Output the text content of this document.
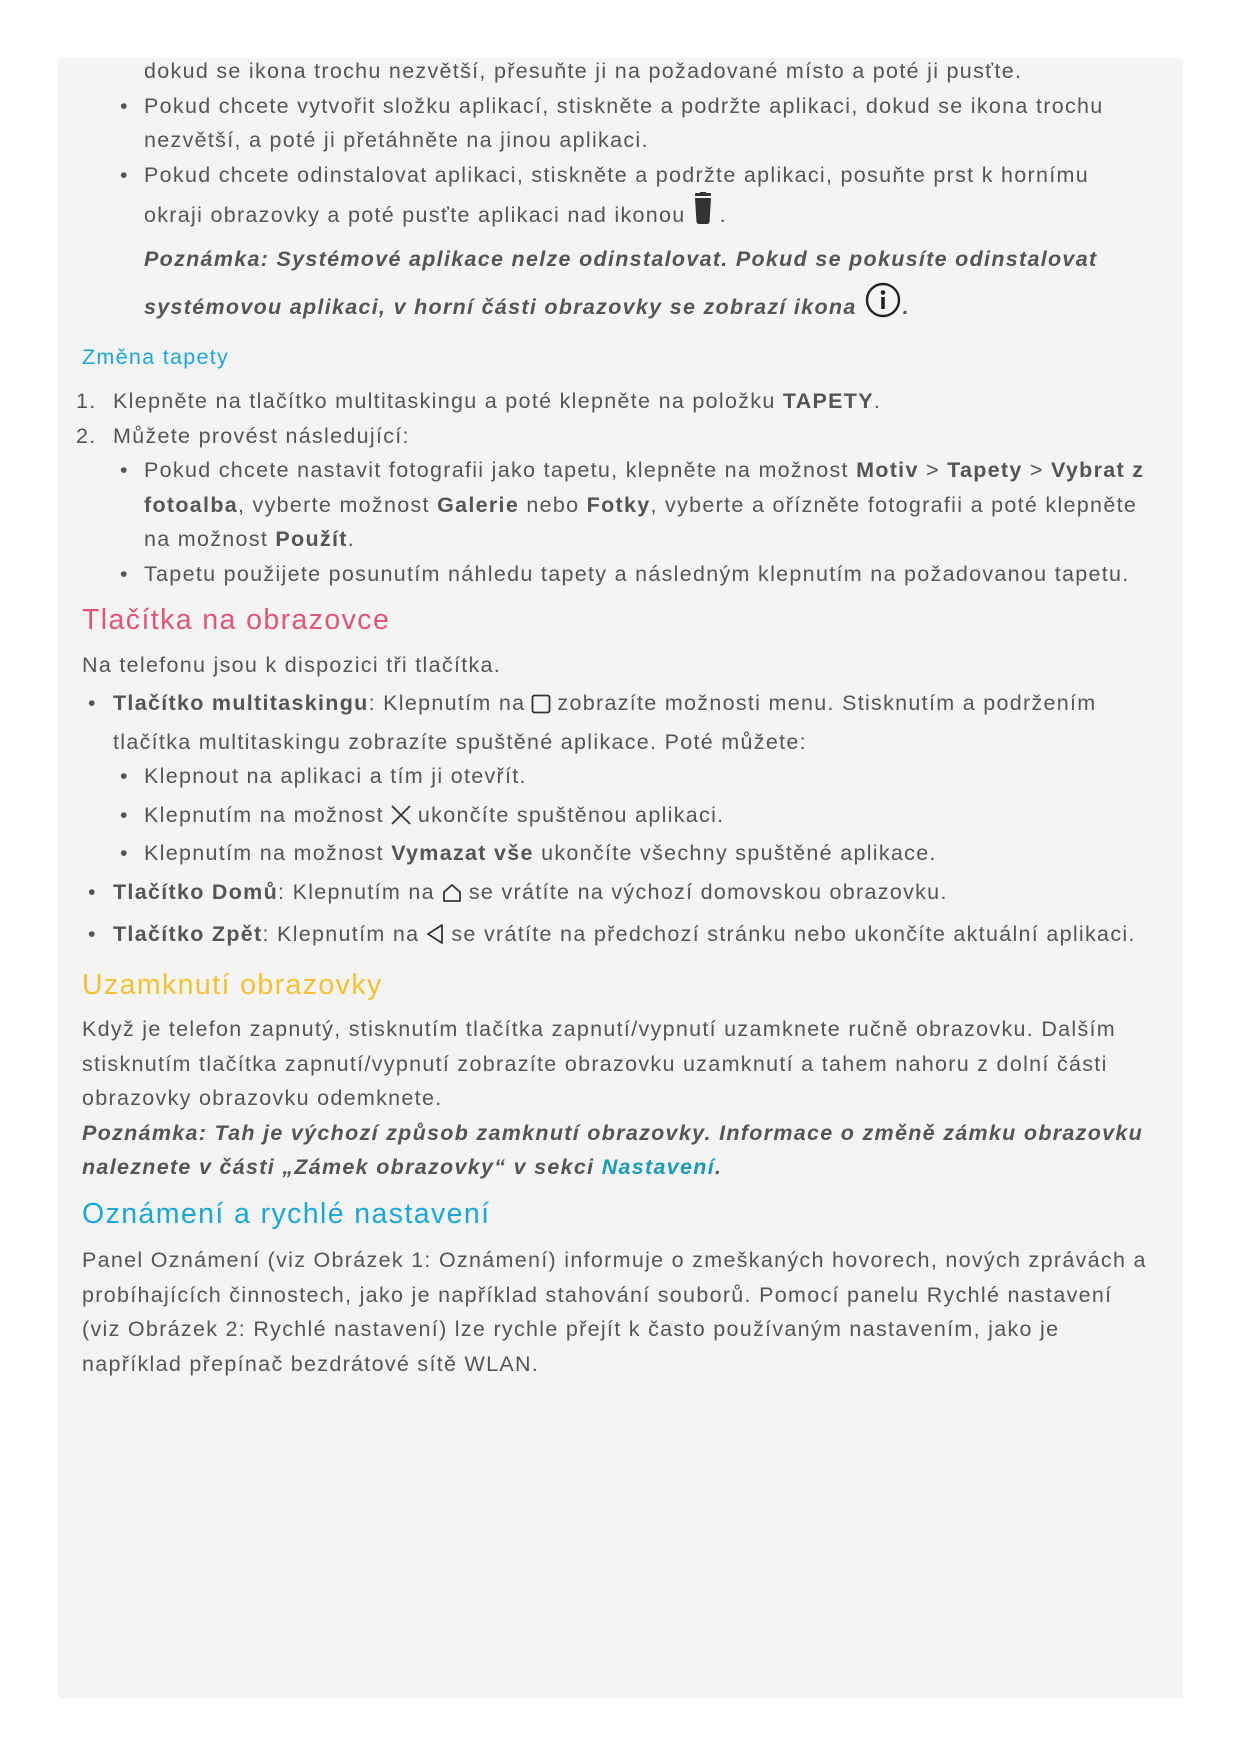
dokud se ikona trochu nezvětší, přesuňte ji na požadované místo a poté ji pusťte.

• Pokud chcete vytvořit složku aplikací, stiskněte a podržte aplikaci, dokud se ikona trochu nezvětší, a poté ji přetáhněte na jinou aplikaci.

• Pokud chcete odinstalovat aplikaci, stiskněte a podržte aplikaci, posuňte prst k hornímu okraji obrazovky a poté pusťte aplikaci nad ikonou .

Poznámka: Systémové aplikace nelze odinstalovat. Pokud se pokusíte odinstalovat systémovou aplikaci, v horní části obrazovky se zobrazí ikona .

Změna tapety

1. Klepněte na tlačítko multitaskingu a poté klepněte na položku TAPETY.
2. Můžete provést následující:

• Pokud chcete nastavit fotografii jako tapetu, klepněte na možnost Motiv > Tapety > Vybrat z fotoalba, vyberte možnost Galerie nebo Fotky, vyberte a ořízněte fotografii a poté klepněte na možnost Použít.

• Tapetu použijete posunutím náhledu tapety a následným klepnutím na požadovanou tapetu.

Tlačítka na obrazovce

Na telefonu jsou k dispozici tři tlačítka.

• Tlačítko multitaskingu: Klepnutím na zobrazíte možnosti menu. Stisknutím a podržením tlačítka multitaskingu zobrazíte spuštěné aplikace. Poté můžete:

• Klepnout na aplikaci a tím ji otevřít.

• Klepnutím na možnost ukončíte spuštěnou aplikaci.

• Klepnutím na možnost Vymazat vše ukončíte všechny spuštěné aplikace.

• Tlačítko Domů: Klepnutím na se vrátíte na výchozí domovskou obrazovku.

• Tlačítko Zpět: Klepnutím na se vrátíte na předchozí stránku nebo ukončíte aktuální aplikaci.

Uzamknutí obrazovky

Když je telefon zapnutý, stisknutím tlačítka zapnutí/vypnutí uzamknete ručně obrazovku. Dalším stisknutím tlačítka zapnutí/vypnutí zobrazíte obrazovku uzamknutí a tahem nahoru z dolní části obrazovky obrazovku odemknete.

Poznámka: Tah je výchozí způsob zamknutí obrazovky. Informace o změně zámku obrazovku naleznete v části „Zámek obrazovky“ v sekci Nastavení.

Oznámení a rychlé nastavení

Panel Oznámení (viz Obrázek 1: Oznámení) informuje o zmeškaných hovorech, nových zprávách a probíhajících činnostech, jako je například stahování souborů. Pomocí panelu Rychlé nastavení (viz Obrázek 2: Rychlé nastavení) lze rychle přejít k často používaným nastavením, jako je například přepínač bezdrátové sítě WLAN.
